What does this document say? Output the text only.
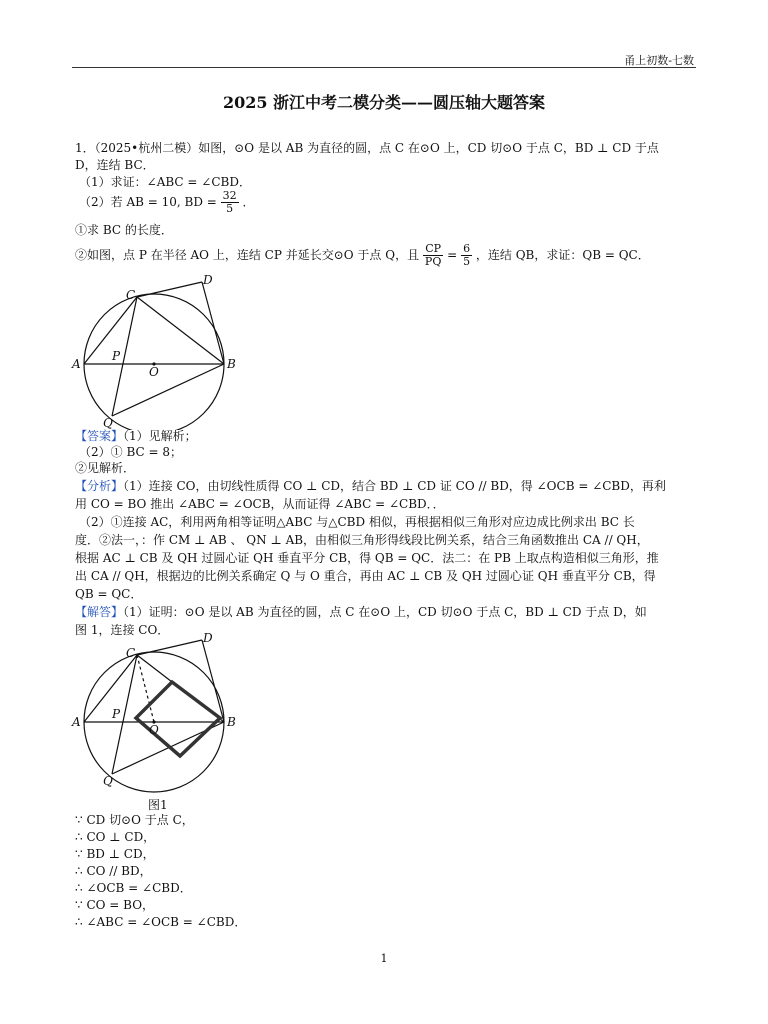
甬上初数-七数
2025 浙江中考二模分类——圆压轴大题答案
1．（2025•杭州二模）如图，⊙O 是以 AB 为直径的圆，点 C 在⊙O 上，CD 切⊙O 于点 C，BD ⊥ CD 于点
D，连结 BC．
（1）求证：∠ABC = ∠CBD．
（2）若 AB = 10, BD = $\frac{32}{5}$ ．
①求 BC 的长度．
②如图，点 P 在半径 AO 上，连结 CP 并延长交⊙O 于点 Q，且 $\frac{CP}{PQ} = \frac{6}{5}$ ，连结 QB，求证：QB = QC．
A	B
C
D
O
P
Q
【答案】（1）见解析；
（2）① BC = 8；
②见解析．
【分析】（1）连接 CO，由切线性质得 CO ⊥ CD，结合 BD ⊥ CD 证 CO // BD，得 ∠OCB = ∠CBD，再利
用 CO = BO 推出 ∠ABC = ∠OCB，从而证得 ∠ABC = ∠CBD．．
（2）①连接 AC，利用两角相等证明△ABC 与△CBD 相似，再根据相似三角形对应边成比例求出 BC 长
度．②法一，：作 CM ⊥ AB 、 QN ⊥ AB，由相似三角形得线段比例关系，结合三角函数推出 CA // QH，
根据 AC ⊥ CB 及 QH 过圆心证 QH 垂直平分 CB，得 QB = QC．法二：在 PB 上取点构造相似三角形，推
出 CA // QH，根据边的比例关系确定 Q 与 O 重合，再由 AC ⊥ CB 及 QH 过圆心证 QH 垂直平分 CB，得
QB = QC．
【解答】（1）证明：⊙O 是以 AB 为直径的圆，点 C 在⊙O 上，CD 切⊙O 于点 C，BD ⊥ CD 于点 D，如
图 1，连接 CO．
A	B
C
D
O
P
Q
图1
∵ CD 切⊙O 于点 C，
∴ CO ⊥ CD，
∵ BD ⊥ CD，
∴ CO // BD，
∴ ∠OCB = ∠CBD．
∵ CO = BO，
∴ ∠ABC = ∠OCB = ∠CBD．
1
